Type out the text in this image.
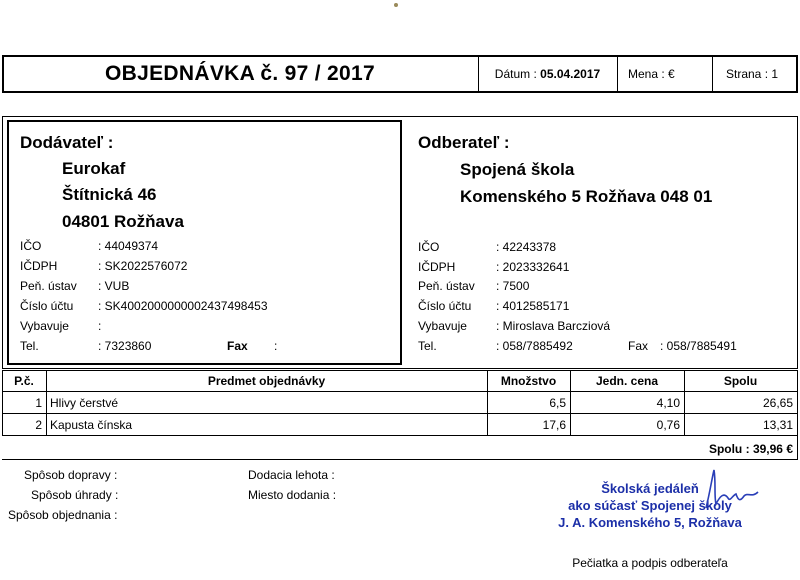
OBJEDNÁVKA č. 97 / 2017	Dátum : 05.04.2017	Mena : €	Strana : 1
Dodávateľ :
Eurokaf
Štítnická 46
04801 Rožňava
IČO	: 44049374
IČDPH	: SK2022576072
Peň. ústav : VUB
Číslo účtu : SK4002000000002437498453
Vybavuje :
Tel.	: 7323860	Fax :
Odberateľ :
Spojená škola
Komenského 5 Rožňava 048 01
IČO	: 42243378
IČDPH	: 2023332641
Peň. ústav : 7500
Číslo účtu : 4012585171
Vybavuje : Miroslava Barcziová
Tel.	: 058/7885492	Fax : 058/7885491
P.č.	Predmet objednávky	Množstvo	Jedn. cena	Spolu
1 Hlivy čerstvé	6,5	4,10	26,65
2 Kapusta čínska	17,6	0,76	13,31
Spolu : 39,96 €
Spôsob dopravy :
Spôsob úhrady :
Spôsob objednania :
Dodacia lehota :
Miesto dodania :	Školská jedáleň
ako súčasť Spojenej školy
J. A. Komenského 5, Rožňava
Pečiatka a podpis odberateľa
